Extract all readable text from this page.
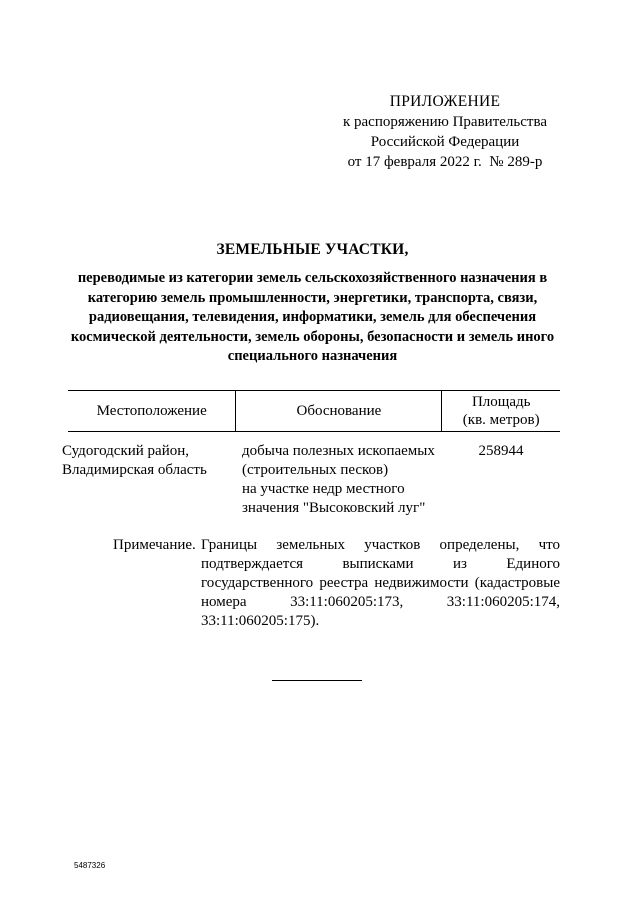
ПРИЛОЖЕНИЕ
к распоряжению Правительства
Российской Федерации
от 17 февраля 2022 г.  № 289-р
ЗЕМЕЛЬНЫЕ УЧАСТКИ,
переводимые из категории земель сельскохозяйственного назначения в категорию земель промышленности, энергетики, транспорта, связи, радиовещания, телевидения, информатики, земель для обеспечения космической деятельности, земель обороны, безопасности и земель иного специального назначения
Местоположение	Обоснование
Площадь
(кв. метров)
Судогодский район,
Владимирская область
добыча полезных ископаемых
(строительных песков)
на участке недр местного
значения "Высоковский луг"
258944
Примечание. Границы земельных участков определены, что подтверждается выписками из Единого государственного реестра недвижимости (кадастровые номера 33:11:060205:173, 33:11:060205:174, 33:11:060205:175).
5487326
